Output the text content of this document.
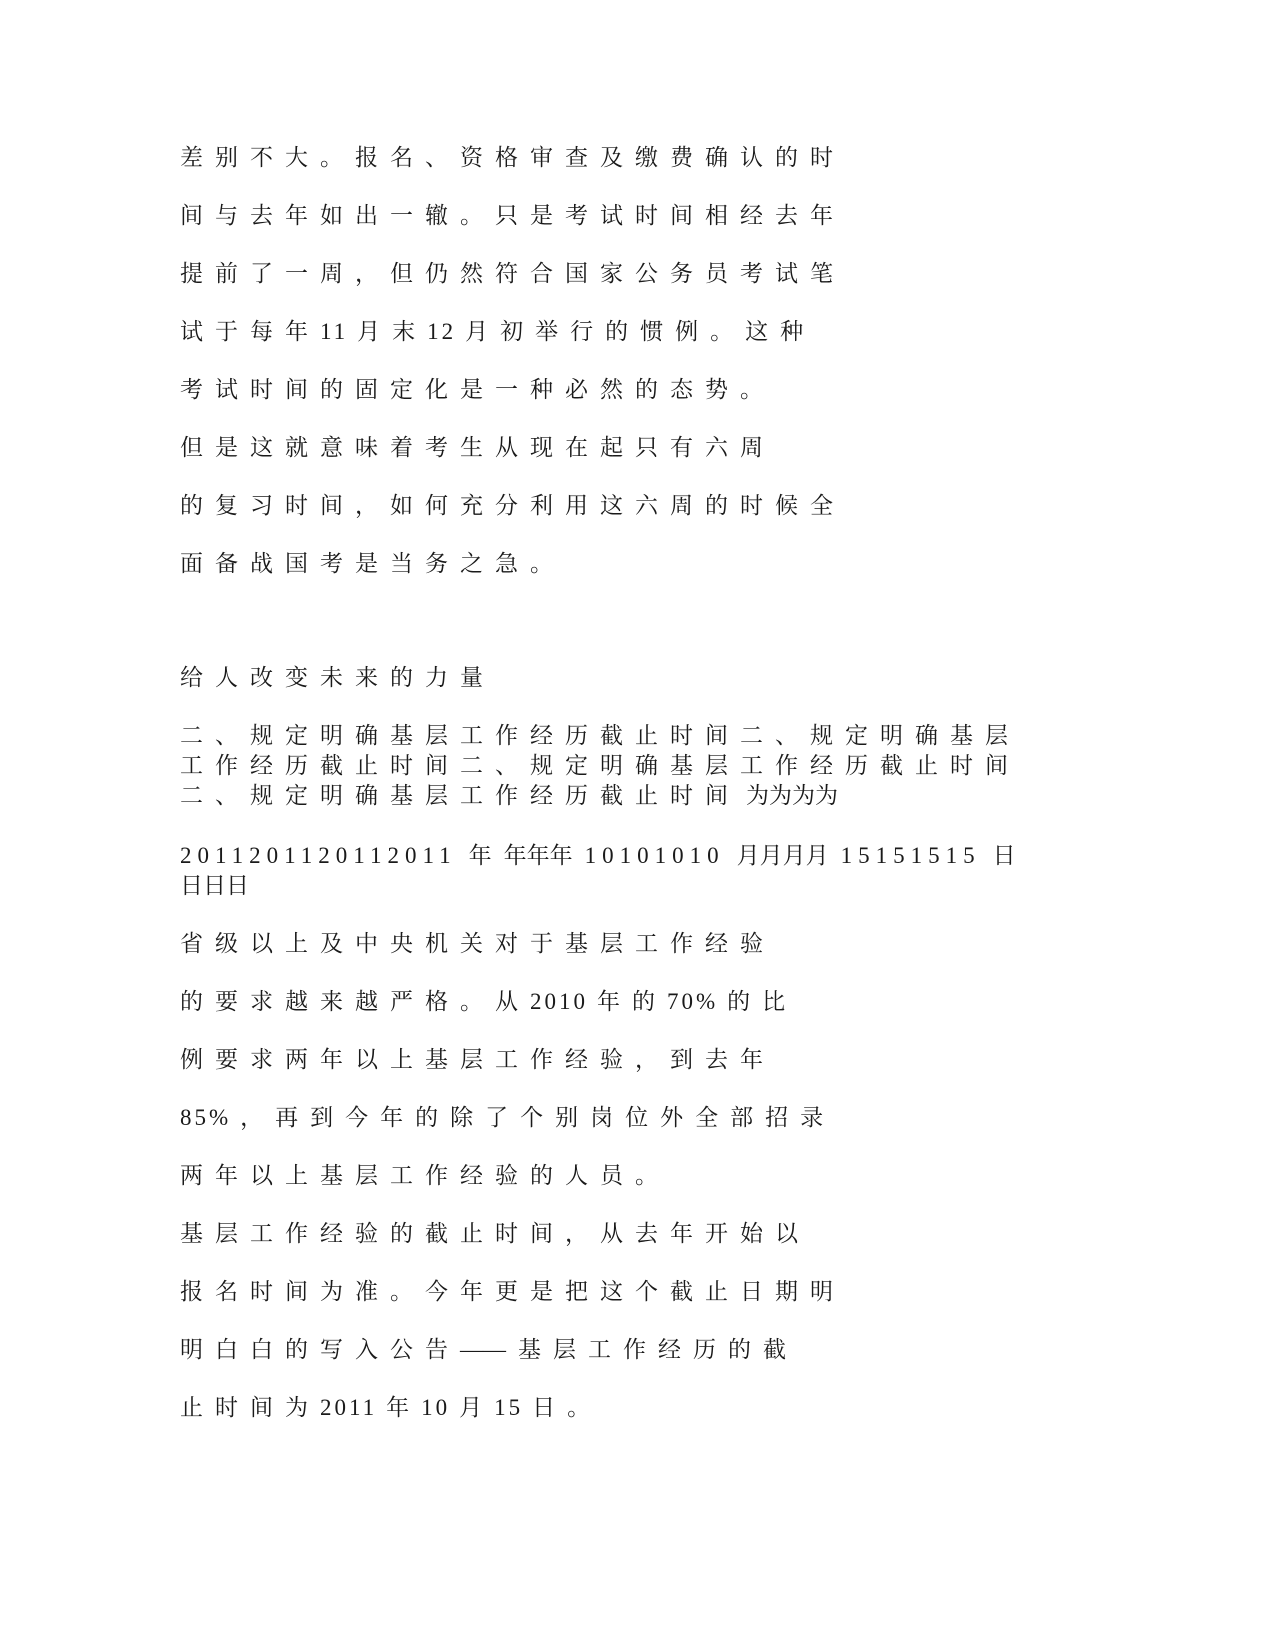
差别不大。报名、资格审查及缴费确认的时
间与去年如出一辙。只是考试时间相经去年
提前了一周，但仍然符合国家公务员考试笔
试于每年11 月末12 月初举行的惯例。这种
考试时间的固定化是一种必然的态势。
但是这就意味着考生从现在起只有六周
的复习时间，如何充分利用这六周的时候全
面备战国考是当务之急。
给人改变未来的力量
二、规定明确基层工作经历截止时间二、规定明确基层
工作经历截止时间二、规定明确基层工作经历截止时间
二、规定明确基层工作经历截止时间 为为为为
2011201120112011 年年年年 10101010 月月月月 15151515 日
日日日
省级以上及中央机关对于基层工作经验
的要求越来越严格。从2010 年的70% 的比
例要求两年以上基层工作经验，到去年
85% ，再到今年的除了个别岗位外全部招录
两年以上基层工作经验的人员。
基层工作经验的截止时间，从去年开始以
报名时间为准。今年更是把这个截止日期明
明白白的写入公告—— 基层工作经历的截
止时间为2011 年10 月15 日。
